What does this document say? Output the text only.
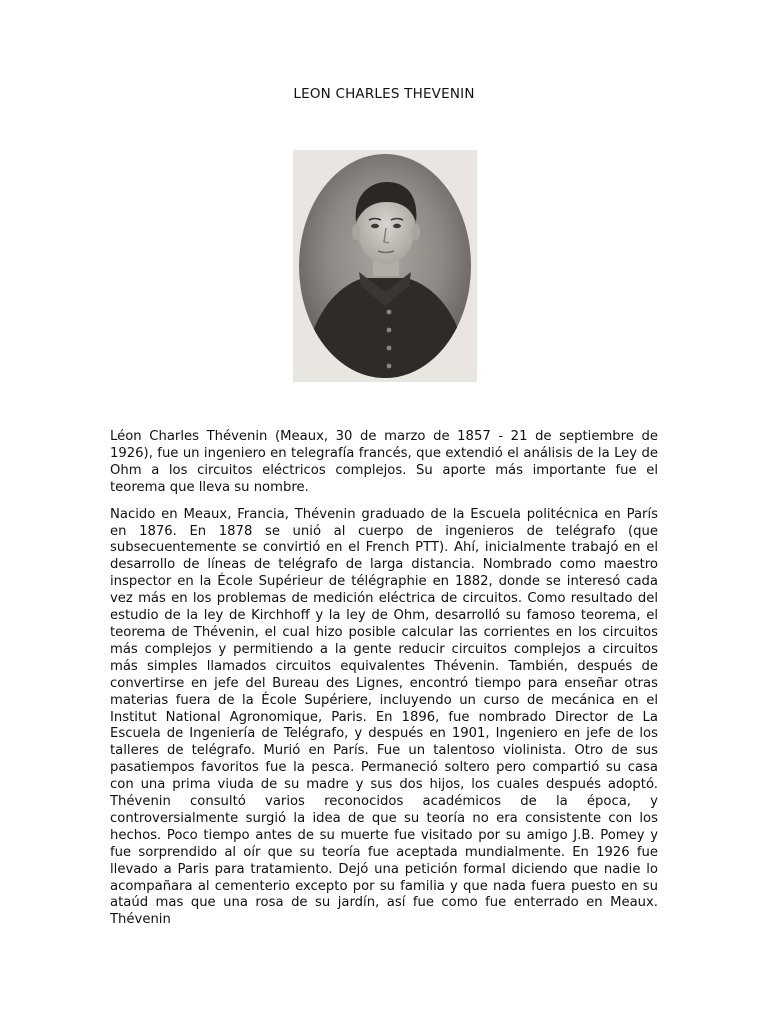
LEON CHARLES THEVENIN

Léon Charles Thévenin (Meaux, 30 de marzo de 1857 - 21 de septiembre de 1926), fue un ingeniero en telegrafía francés, que extendió el análisis de la Ley de Ohm a los circuitos eléctricos complejos. Su aporte más importante fue el teorema que lleva su nombre.

Nacido en Meaux, Francia, Thévenin graduado de la Escuela politécnica en París en 1876. En 1878 se unió al cuerpo de ingenieros de telégrafo (que subsecuentemente se convirtió en el French PTT). Ahí, inicialmente trabajó en el desarrollo de líneas de telégrafo de larga distancia. Nombrado como maestro inspector en la École Supérieur de télégraphie en 1882, donde se interesó cada vez más en los problemas de medición eléctrica de circuitos. Como resultado del estudio de la ley de Kirchhoff y la ley de Ohm, desarrolló su famoso teorema, el teorema de Thévenin, el cual hizo posible calcular las corrientes en los circuitos más complejos y permitiendo a la gente reducir circuitos complejos a circuitos más simples llamados circuitos equivalentes Thévenin. También, después de convertirse en jefe del Bureau des Lignes, encontró tiempo para enseñar otras materias fuera de la École Supériere, incluyendo un curso de mecánica en el Institut National Agronomique, Paris. En 1896, fue nombrado Director de La Escuela de Ingeniería de Telégrafo, y después en 1901, Ingeniero en jefe de los talleres de telégrafo. Murió en París. Fue un talentoso violinista. Otro de sus pasatiempos favoritos fue la pesca. Permaneció soltero pero compartió su casa con una prima viuda de su madre y sus dos hijos, los cuales después adoptó. Thévenin consultó varios reconocidos académicos de la época, y controversialmente surgió la idea de que su teoría no era consistente con los hechos. Poco tiempo antes de su muerte fue visitado por su amigo J.B. Pomey y fue sorprendido al oír que su teoría fue aceptada mundialmente. En 1926 fue llevado a Paris para tratamiento. Dejó una petición formal diciendo que nadie lo acompañara al cementerio excepto por su familia y que nada fuera puesto en su ataúd mas que una rosa de su jardín, así fue como fue enterrado en Meaux. Thévenin
